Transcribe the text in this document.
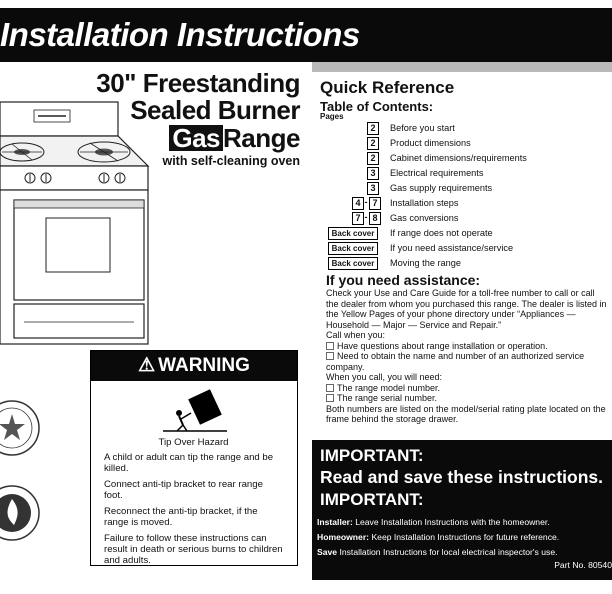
Installation Instructions
30" Freestanding
Sealed Burner
Gas Range
with self-cleaning oven
⚠ WARNING
Tip Over Hazard

A child or adult can tip the range and be killed.

Connect anti-tip bracket to rear range foot.

Reconnect the anti-tip bracket, if the range is moved.

Failure to follow these instructions can result in death or serious burns to children and adults.

Quick Reference
Table of Contents:
Pages
2	Before you start
2	Product dimensions
2	Cabinet dimensions/requirements
3	Electrical requirements
3	Gas supply requirements
4 - 7	Installation steps
7 - 8	Gas conversions
Back cover	If range does not operate
Back cover	If you need assistance/service
Back cover	Moving the range
If you need assistance:
Check your Use and Care Guide for a toll-free number to call or call the dealer from whom you purchased this range. The dealer is listed in the Yellow Pages of your phone directory under “Appliances — Household — Major — Service and Repair.”
Call when you:
Have questions about range installation or operation.
Need to obtain the name and number of an authorized service company.
When you call, you will need:
The range model number.
The range serial number.
Both numbers are listed on the model/serial rating plate located on the frame behind the storage drawer.
IMPORTANT:
Read and save these instructions.
IMPORTANT:
Installer: Leave Installation Instructions with the homeowner.
Homeowner: Keep Installation Instructions for future reference.
Save Installation Instructions for local electrical inspector's use.
Part No. 80540
